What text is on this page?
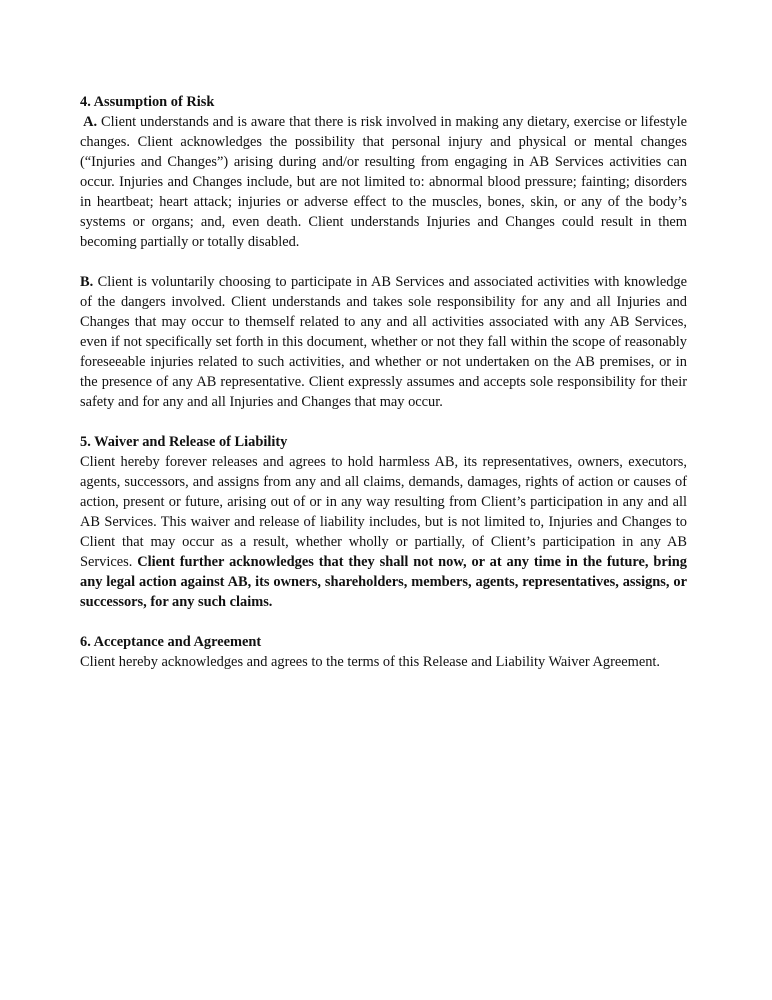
4. Assumption of Risk

A. Client understands and is aware that there is risk involved in making any dietary, exercise or lifestyle changes. Client acknowledges the possibility that personal injury and physical or mental changes (“Injuries and Changes”) arising during and/or resulting from engaging in AB Services activities can occur. Injuries and Changes include, but are not limited to: abnormal blood pressure; fainting; disorders in heartbeat; heart attack; injuries or adverse effect to the muscles, bones, skin, or any of the body’s systems or organs; and, even death. Client understands Injuries and Changes could result in them becoming partially or totally disabled.

B. Client is voluntarily choosing to participate in AB Services and associated activities with knowledge of the dangers involved. Client understands and takes sole responsibility for any and all Injuries and Changes that may occur to themself related to any and all activities associated with any AB Services, even if not specifically set forth in this document, whether or not they fall within the scope of reasonably foreseeable injuries related to such activities, and whether or not undertaken on the AB premises, or in the presence of any AB representative. Client expressly assumes and accepts sole responsibility for their safety and for any and all Injuries and Changes that may occur.

5. Waiver and Release of Liability

Client hereby forever releases and agrees to hold harmless AB, its representatives, owners, executors, agents, successors, and assigns from any and all claims, demands, damages, rights of action or causes of action, present or future, arising out of or in any way resulting from Client’s participation in any and all AB Services. This waiver and release of liability includes, but is not limited to, Injuries and Changes to Client that may occur as a result, whether wholly or partially, of Client’s participation in any AB Services. Client further acknowledges that they shall not now, or at any time in the future, bring any legal action against AB, its owners, shareholders, members, agents, representatives, assigns, or successors, for any such claims.

6. Acceptance and Agreement

Client hereby acknowledges and agrees to the terms of this Release and Liability Waiver Agreement.
